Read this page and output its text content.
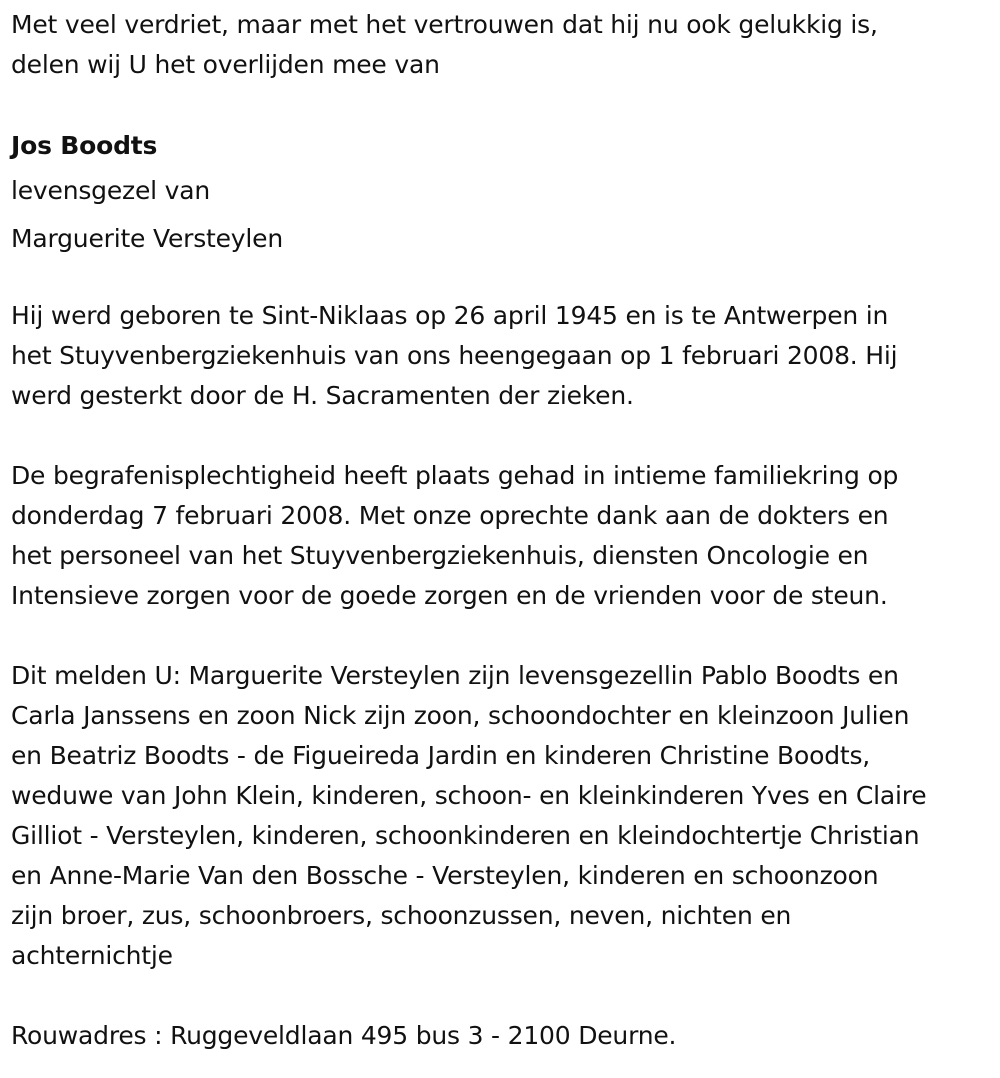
Met veel verdriet, maar met het vertrouwen dat hij nu ook gelukkig is,

delen wij U het overlijden mee van

Jos Boodts

levensgezel van

Marguerite Versteylen

Hij werd geboren te Sint-Niklaas op 26 april 1945 en is te Antwerpen in

het Stuyvenbergziekenhuis van ons heengegaan op 1 februari 2008. Hij

werd gesterkt door de H. Sacramenten der zieken.

De begrafenisplechtigheid heeft plaats gehad in intieme familiekring op

donderdag 7 februari 2008. Met onze oprechte dank aan de dokters en

het personeel van het Stuyvenbergziekenhuis, diensten Oncologie en

Intensieve zorgen voor de goede zorgen en de vrienden voor de steun.

Dit melden U: Marguerite Versteylen zijn levensgezellin Pablo Boodts en

Carla Janssens en zoon Nick zijn zoon, schoondochter en kleinzoon Julien

en Beatriz Boodts - de Figueireda Jardin en kinderen Christine Boodts,

weduwe van John Klein, kinderen, schoon- en kleinkinderen Yves en Claire

Gilliot - Versteylen, kinderen, schoonkinderen en kleindochtertje Christian

en Anne-Marie Van den Bossche - Versteylen, kinderen en schoonzoon

zijn broer, zus, schoonbroers, schoonzussen, neven, nichten en

achternichtje

Rouwadres : Ruggeveldlaan 495 bus 3 - 2100 Deurne.
